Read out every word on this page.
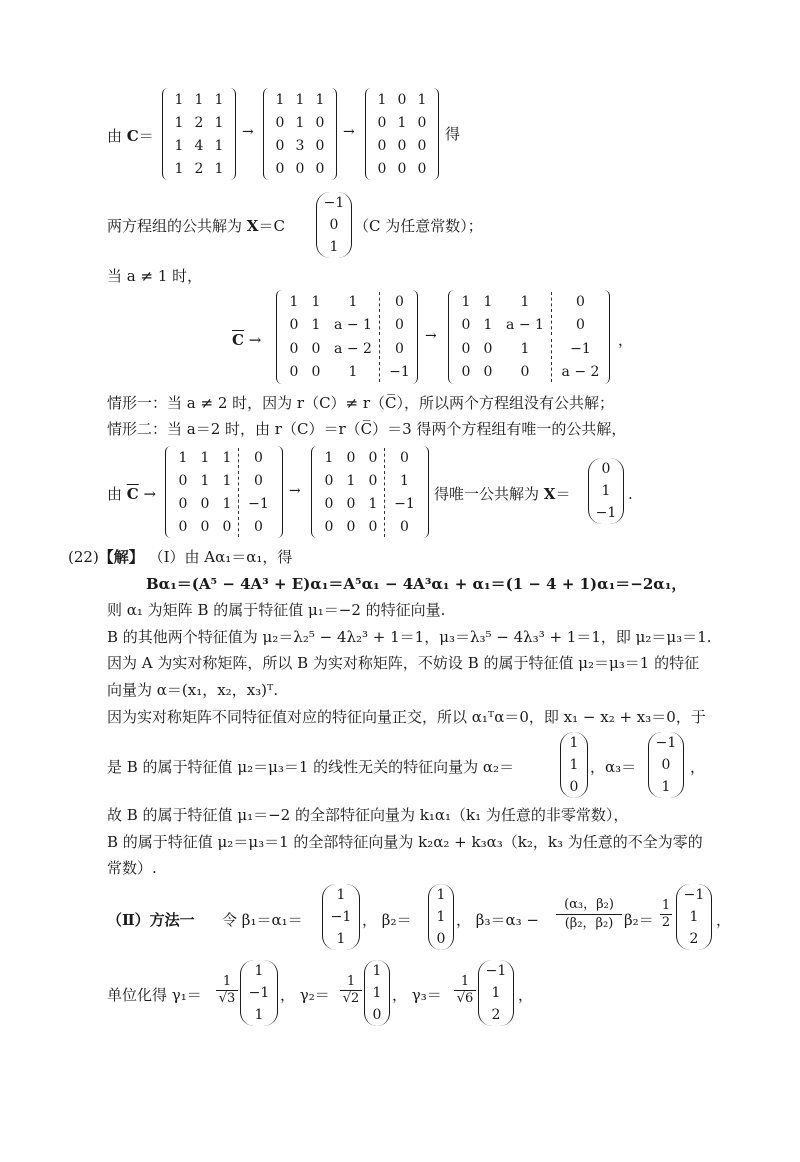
由 C＝
1 1 1
1 2 1
1 4 1
1 2 1
→
1 1 1
0 1 0
0 3 0
0 0 0
→
1 0 1
0 1 0
0 0 0
0 0 0
得
两方程组的公共解为 X＝C
−1
0
1
（C 为任意常数）；
当 a ≠ 1 时，
$\overline{C}$ →
1 1 1	0
0 1 a − 1	0
0 0 a − 2	0
0 0 1	−1
→
1 1 1	0
0 1 a − 1	0
0 0 1	−1
0 0 0	a − 2
，
情形一：当 a ≠ 2 时，因为 r（C）≠ r（C̅），所以两个方程组没有公共解；
情形二：当 a＝2 时，由 r（C）＝r（C̅）＝3 得两个方程组有唯一的公共解，
由 $\overline{C}$ →
1 1 1	0
0 1 1	0
0 0 1	−1
0 0 0	0
→
1 0 0	0
0 1 0	1
0 0 1	−1
0 0 0	0
得唯一公共解为 X＝
0
1
−1
.
(22)【解】 （Ⅰ）由 Aα₁＝α₁，得
Bα₁＝(A⁵ − 4A³ + E)α₁＝A⁵α₁ − 4A³α₁ + α₁＝(1 − 4 + 1)α₁＝−2α₁，
则 α₁ 为矩阵 B 的属于特征值 μ₁＝−2 的特征向量.
B 的其他两个特征值为 μ₂＝λ₂⁵ − 4λ₂³ + 1＝1，μ₃＝λ₃⁵ − 4λ₃³ + 1＝1，即 μ₂＝μ₃＝1.
因为 A 为实对称矩阵，所以 B 为实对称矩阵，不妨设 B 的属于特征值 μ₂＝μ₃＝1 的特征
向量为 α＝(x₁，x₂，x₃)ᵀ.
因为实对称矩阵不同特征值对应的特征向量正交，所以 α₁ᵀα＝0，即 x₁ − x₂ + x₃＝0，于
是 B 的属于特征值 μ₂＝μ₃＝1 的线性无关的特征向量为 α₂＝
1
1
0
，α₃＝
−1
0
1
，
故 B 的属于特征值 μ₁＝−2 的全部特征向量为 k₁α₁（k₁ 为任意的非零常数），
B 的属于特征值 μ₂＝μ₃＝1 的全部特征向量为 k₂α₂ + k₃α₃（k₂，k₃ 为任意的不全为零的
常数）.
（Ⅱ）方法一 令 β₁＝α₁＝
1
−1
1
， β₂＝
1
1
0
， β₃＝α₃ −
(α₃，β₂)
(β₂，β₂) β₂＝
1
2
−1
1
2
，
单位化得 γ₁＝
1
√3
1
−1
1
， γ₂＝
1
√2
1
1
0
， γ₃＝
1
√6
−1
1
2
，
